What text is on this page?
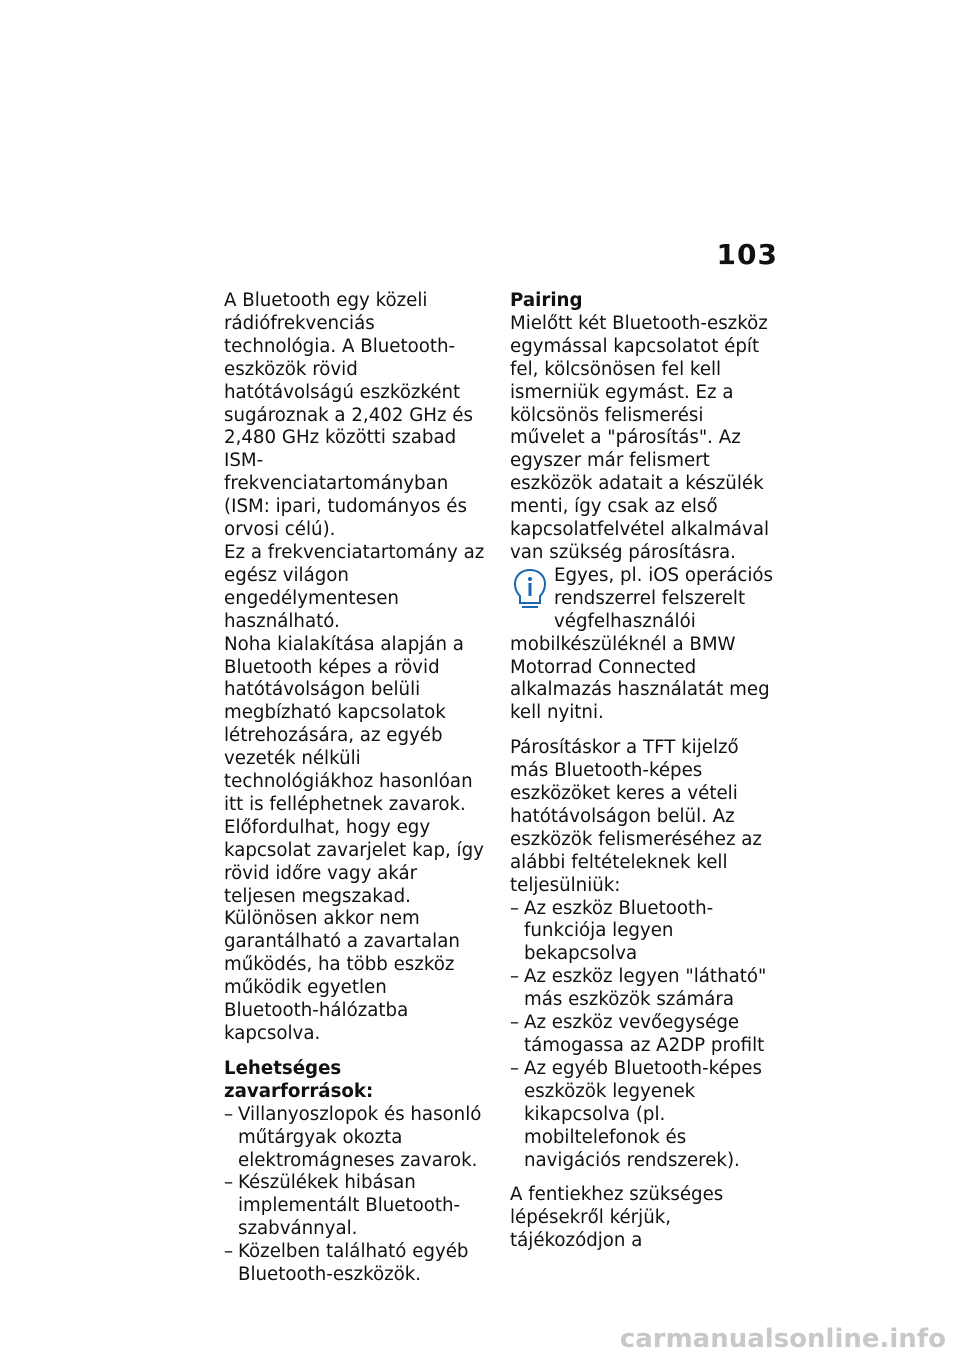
103

A Bluetooth egy közeli rádiófrekvenciás technológia. A Bluetooth-eszközök rövid hatótávolságú eszközként sugároznak a 2,402 GHz és 2,480 GHz közötti szabad ISM-frekvenciatartományban (ISM: ipari, tudományos és orvosi célú).

Ez a frekvenciatartomány az egész világon engedélymentesen használható.

Noha kialakítása alapján a Bluetooth képes a rövid hatótávolságon belüli megbízható kapcsolatok létrehozására, az egyéb vezeték nélküli technológiákhoz hasonlóan itt is felléphetnek zavarok. Előfordulhat, hogy egy kapcsolat zavarjelet kap, így rövid időre vagy akár teljesen megszakad. Különösen akkor nem garantálható a zavartalan működés, ha több eszköz működik egyetlen Bluetooth-hálózatba kapcsolva.

Lehetséges zavarforrások:

– Villanyoszlopok és hasonló műtárgyak okozta elektromágneses zavarok.
– Készülékek hibásan implementált Bluetooth-szabvánnyal.
– Közelben található egyéb Bluetooth-eszközök.

Pairing

Mielőtt két Bluetooth-eszköz egymással kapcsolatot épít fel, kölcsönösen fel kell ismerniük egymást. Ez a kölcsönös felismerési művelet a "párosítás". Az egyszer már felismert eszközök adatait a készülék menti, így csak az első kapcsolatfelvétel alkalmával van szükség párosításra.

Egyes, pl. iOS operációs rendszerrel felszerelt végfelhasználói mobilkészüléknél a BMW Motorrad Connected alkalmazás használatát meg kell nyitni.

Párosításkor a TFT kijelző más Bluetooth-képes eszközöket keres a vételi hatótávolságon belül. Az eszközök felismeréséhez az alábbi feltételeknek kell teljesülniük:

– Az eszköz Bluetooth-funkciója legyen bekapcsolva
– Az eszköz legyen "látható" más eszközök számára
– Az eszköz vevőegysége támogassa az A2DP profilt
– Az egyéb Bluetooth-képes eszközök legyenek kikapcsolva (pl. mobiltelefonok és navigációs rendszerek).

A fentiekhez szükséges lépésekről kérjük, tájékozódjon a

carmanualsonline.info
